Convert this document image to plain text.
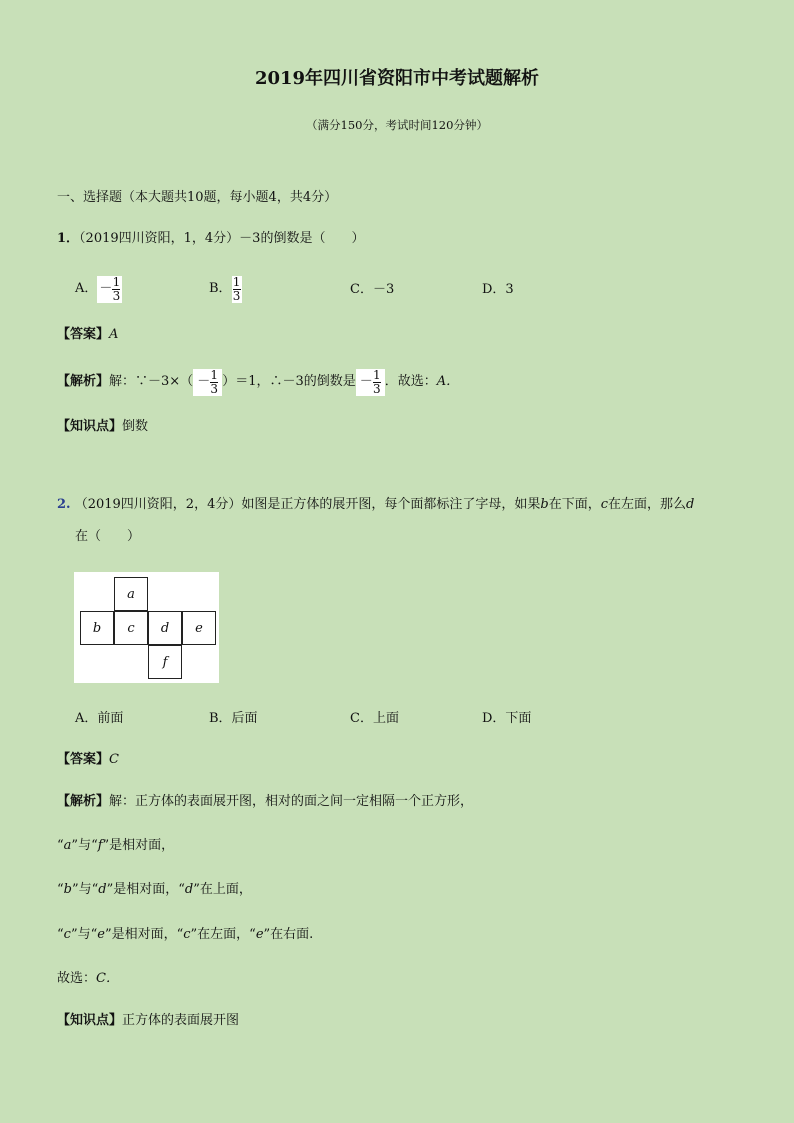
2019年四川省资阳市中考试题解析
（满分150分，考试时间120分钟）
一、选择题（本大题共10题，每小题4，共4分）
1．（2019四川资阳，1，4分）－3的倒数是（　　）
A． － $\frac{1}{3}$	B． $\frac{1}{3}$	C．－3	D．3
【答案】A
【解析】 解：∵－3×（ － $\frac{1}{3} )=1$，∴－3的倒数是 － $\frac{1}{3}$ ．故选： A．
【知识点】倒数
2. （2019四川资阳，2，4分）如图是正方体的展开图，每个面都标注了字母，如果b在下面，c在左面，那么d
在（　　）
a
b	c	d	e
f
A．前面	B．后面	C．上面	D．下面
【答案】C
【解析】解：正方体的表面展开图，相对的面之间一定相隔一个正方形，
“a”与“f”是相对面，
“b”与“d”是相对面，“d”在上面，
“c”与“e”是相对面，“c”在左面，“e”在右面.
故选：C．
【知识点】正方体的表面展开图
